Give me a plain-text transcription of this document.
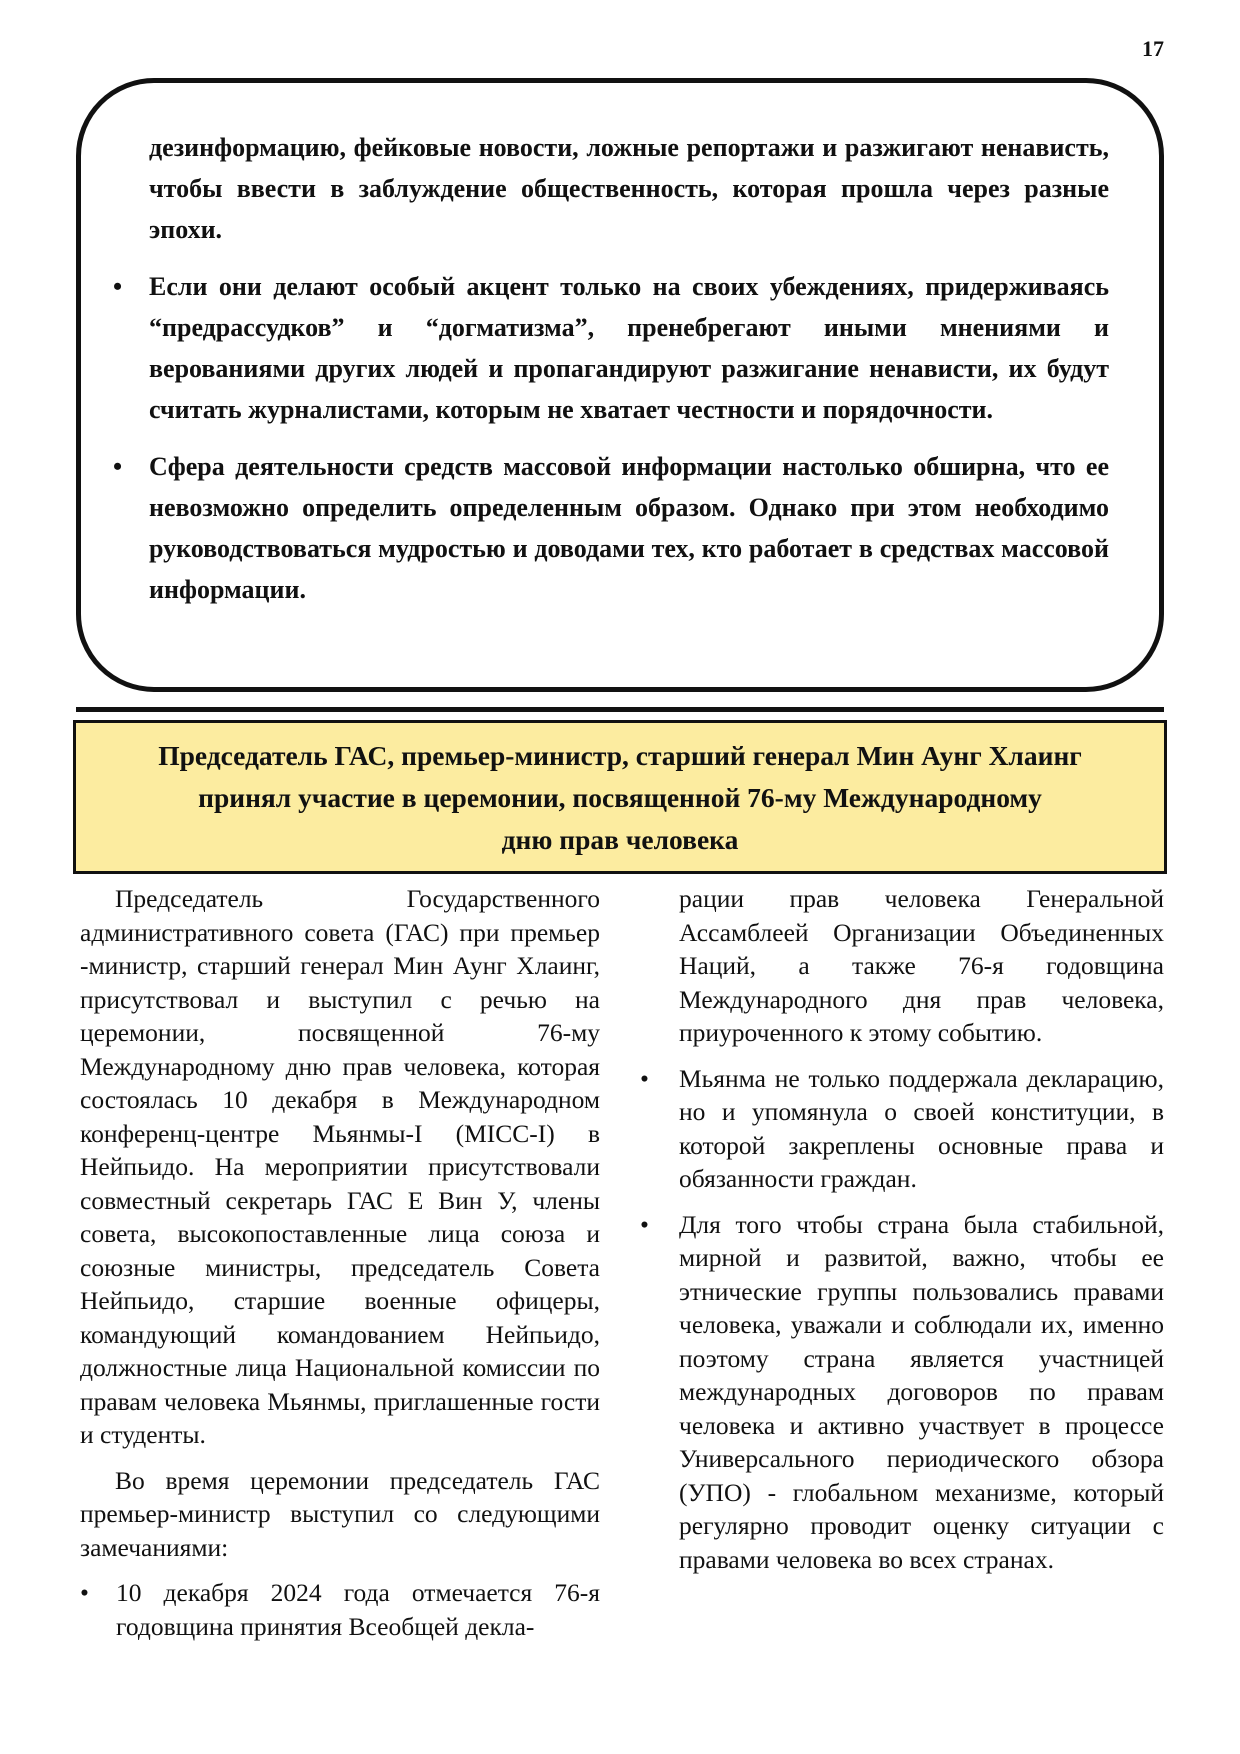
17

дезинформацию, фейковые новости, ложные репортажи и разжигают ненависть, чтобы ввести в заблуждение общественность, которая прошла через разные эпохи.

• Если они делают особый акцент только на своих убеждениях, придерживаясь “предрассудков” и “догматизма”, пренебрегают иными мнениями и верованиями других людей и пропагандируют разжигание ненависти, их будут считать журналистами, которым не хватает честности и порядочности.

• Сфера деятельности средств массовой информации настолько обширна, что ее невозможно определить определенным образом. Однако при этом необходимо руководствоваться мудростью и доводами тех, кто работает в средствах массовой информации.

Председатель ГАС, премьер-министр, старший генерал Мин Аунг Хлаинг
принял участие в церемонии, посвященной 76-му Международному
дню прав человека

Председатель Государственного административного совета (ГАС) при премьер -министр, старший генерал Мин Аунг Хлаинг, присутствовал и выступил с речью на церемонии, посвященной 76-му Международному дню прав человека, которая состоялась 10 декабря в Международном конференц-центре Мьянмы-I (MICC-I) в Нейпьидо. На мероприятии присутствовали совместный секретарь ГАС Е Вин У, члены совета, высокопоставленные лица союза и союзные министры, председатель Совета Нейпьидо, старшие военные офицеры, командующий командованием Нейпьидо, должностные лица Национальной комиссии по правам человека Мьянмы, приглашенные гости и студенты.

Во время церемонии председатель ГАС премьер-министр выступил со следующими замечаниями:

• 10 декабря 2024 года отмечается 76-я годовщина принятия Всеобщей декла-

рации прав человека Генеральной Ассамблеей Организации Объединенных Наций, а также 76-я годовщина Международного дня прав человека, приуроченного к этому событию.

• Мьянма не только поддержала декларацию, но и упомянула о своей конституции, в которой закреплены основные права и обязанности граждан.
• Для того чтобы страна была стабильной, мирной и развитой, важно, чтобы ее этнические группы пользовались правами человека, уважали и соблюдали их, именно поэтому страна является участницей международных договоров по правам человека и активно участвует в процессе Универсального периодического обзора (УПО) - глобальном механизме, который регулярно проводит оценку ситуации с правами человека во всех странах.
